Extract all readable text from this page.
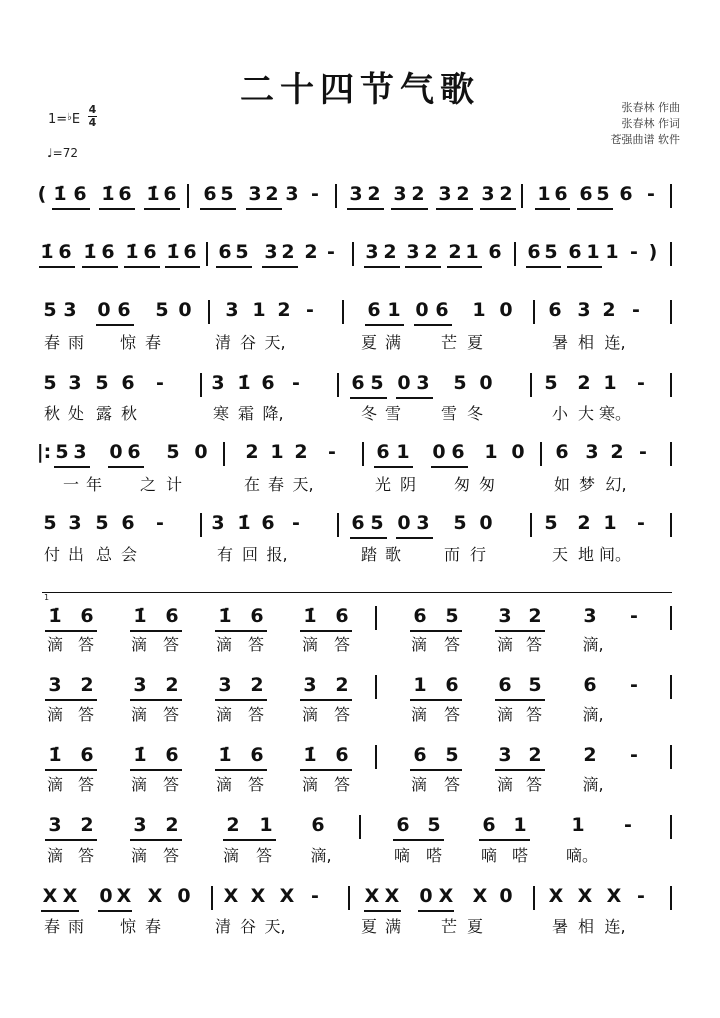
二十四节气歌
1=♭E
4
4
♩=72
张春林 作曲
张春林 作词
苍强曲谱 软件
1
( 1̇ 6 1̇ 6 1̇ 6 6 5 3 2 3 - 3 2 3 2 3 2 3 2 1 6 6 5 6 -
1̇ 6 1̇ 6 1̇ 6 1̇ 6 6 5 3 2 2 - 3 2 3 2 2 1 6 6 5 6 1 1 - )
5 3 0 6 5 0 3 1 2 -	6 1 0 6 1 0 6 3 2 -
5 3 5 6 - 3 1̇ 6 -	6 5 0 3 5 0	5 2 1 -
|: 5 3 0 6 5 0 2 1 2 - 6 1 0 6 1 0 6 3 2 -
5 3 5 6 - 3 1̇ 6 -	6 5 0 3 5 0	5 2 1 -
1̇ 6 1̇ 6 1̇ 6 1̇ 6	6 5 3 2 3 -
3 2 3 2 3 2 3 2	1 6 6 5 6 -
1̇ 6 1̇ 6 1̇ 6 1̇ 6	6 5 3 2 2 -
3 2 3 2	2 1 6	6 5 6 1 1 -
X X 0 X X 0 X X X - X X 0 X X 0 X X X -
春 雨 惊 春	清 谷 天,	夏 满 芒 夏	暑 相 连,
秋 处 露 秋	寒 霜 降,	冬 雪 雪 冬	小 大 寒。
一 年 之 计	在 春 天,	光 阴 匆 匆	如 梦 幻,
付 出 总 会	有 回 报,	踏 歌	而 行	天 地 间。
滴 答 滴 答 滴 答 滴 答	滴 答 滴 答	滴,
滴 答 滴 答 滴 答 滴 答	滴 答 滴 答	滴,
滴 答 滴 答 滴 答 滴 答	滴 答 滴 答	滴,
滴 答 滴 答	滴 答 滴,	嘀 嗒 嘀 嗒 嘀。
春 雨 惊 春	清 谷 天,	夏 满 芒 夏	暑 相 连,
